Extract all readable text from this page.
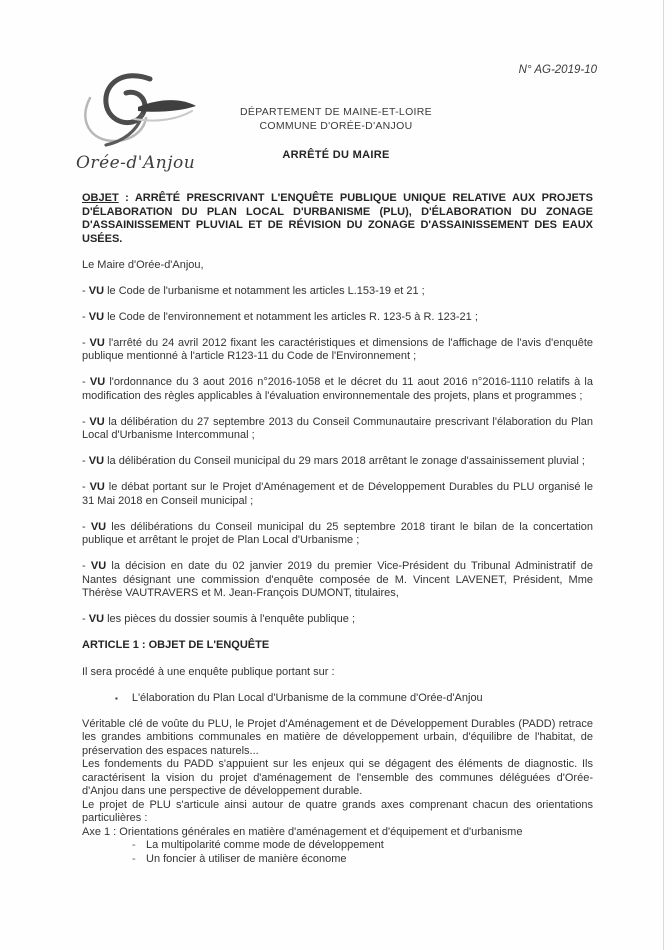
N° AG-2019-10
Orée-d'Anjou
DÉPARTEMENT DE MAINE-ET-LOIRE
COMMUNE D'ORÉE-D'ANJOU
ARRÊTÉ DU MAIRE

OBJET : ARRÊTÉ PRESCRIVANT L'ENQUÊTE PUBLIQUE UNIQUE RELATIVE AUX PROJETS D'ÉLABORATION DU PLAN LOCAL D'URBANISME (PLU), D'ÉLABORATION DU ZONAGE D'ASSAINISSEMENT PLUVIAL ET DE RÉVISION DU ZONAGE D'ASSAINISSEMENT DES EAUX USÉES.

Le Maire d'Orée-d'Anjou,

- VU le Code de l'urbanisme et notamment les articles L.153-19 et 21 ;

- VU le Code de l'environnement et notamment les articles R. 123-5 à R. 123-21 ;

- VU l'arrêté du 24 avril 2012 fixant les caractéristiques et dimensions de l'affichage de l'avis d'enquête publique mentionné à l'article R123-11 du Code de l'Environnement ;

- VU l'ordonnance du 3 aout 2016 n°2016-1058 et le décret du 11 aout 2016 n°2016-1110 relatifs à la modification des règles applicables à l'évaluation environnementale des projets, plans et programmes ;

- VU la délibération du 27 septembre 2013 du Conseil Communautaire prescrivant l'élaboration du Plan Local d'Urbanisme Intercommunal ;

- VU la délibération du Conseil municipal du 29 mars 2018 arrêtant le zonage d'assainissement pluvial ;

- VU le débat portant sur le Projet d'Aménagement et de Développement Durables du PLU organisé le 31 Mai 2018 en Conseil municipal ;

- VU les délibérations du Conseil municipal du 25 septembre 2018 tirant le bilan de la concertation publique et arrêtant le projet de Plan Local d'Urbanisme ;

- VU la décision en date du 02 janvier 2019 du premier Vice-Président du Tribunal Administratif de Nantes désignant une commission d'enquête composée de M. Vincent LAVENET, Président, Mme Thérèse VAUTRAVERS et M. Jean-François DUMONT, titulaires,

- VU les pièces du dossier soumis à l'enquête publique ;

ARTICLE 1 : OBJET DE L'ENQUÊTE

Il sera procédé à une enquête publique portant sur :

▪ L'élaboration du Plan Local d'Urbanisme de la commune d'Orée-d'Anjou

Véritable clé de voûte du PLU, le Projet d'Aménagement et de Développement Durables (PADD) retrace les grandes ambitions communales en matière de développement urbain, d'équilibre de l'habitat, de préservation des espaces naturels...

Les fondements du PADD s'appuient sur les enjeux qui se dégagent des éléments de diagnostic. Ils caractérisent la vision du projet d'aménagement de l'ensemble des communes déléguées d'Orée-d'Anjou dans une perspective de développement durable.

Le projet de PLU s'articule ainsi autour de quatre grands axes comprenant chacun des orientations particulières :

Axe 1 : Orientations générales en matière d'aménagement et d'équipement et d'urbanisme

- La multipolarité comme mode de développement
- Un foncier à utiliser de manière économe
